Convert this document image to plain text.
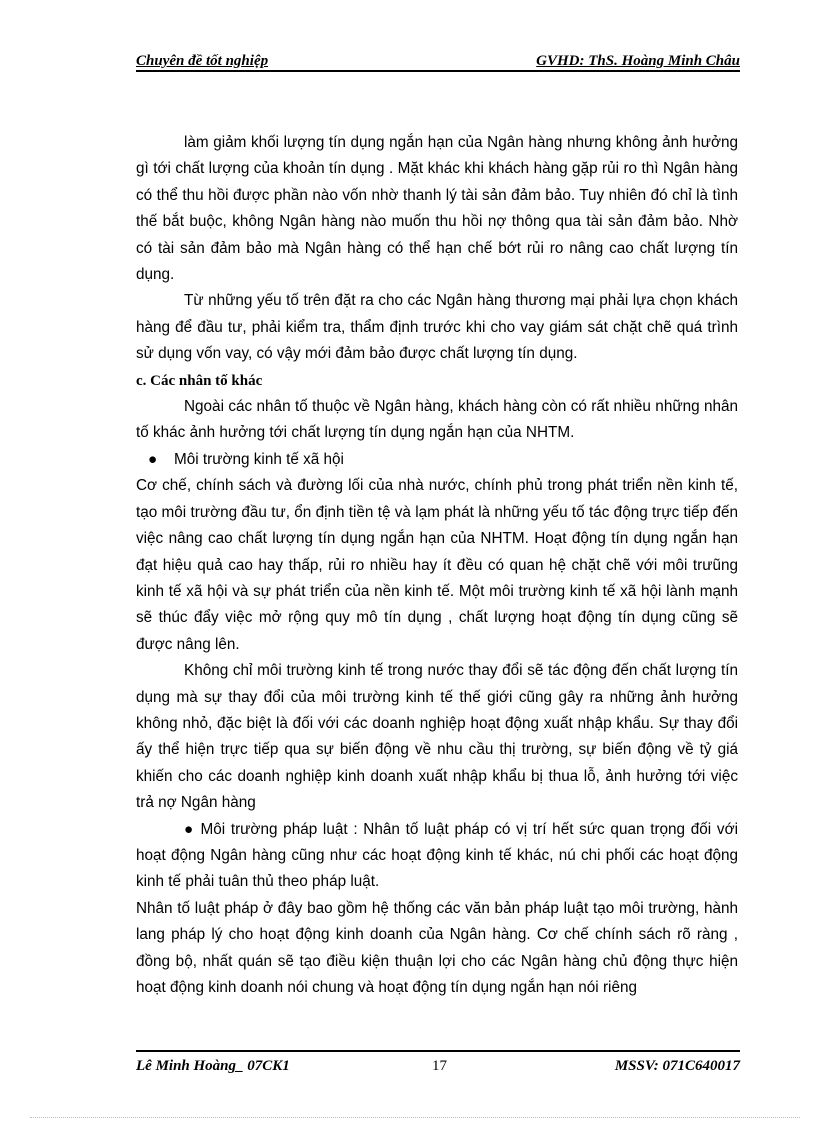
Chuyên đề tốt nghiệp	GVHD: ThS. Hoàng Minh Châu

làm giảm khối lượng tín dụng ngắn hạn của Ngân hàng nhưng không ảnh hưởng gì tới chất lượng của khoản tín dụng . Mặt khác khi khách hàng gặp rủi ro thì Ngân hàng có thể thu hồi được phần nào vốn nhờ thanh lý tài sản đảm bảo. Tuy nhiên đó chỉ là tình thế bắt buộc, không Ngân hàng nào muốn thu hồi nợ thông qua tài sản đảm bảo. Nhờ có tài sản đảm bảo mà Ngân hàng có thể hạn chế bớt rủi ro nâng cao chất lượng tín dụng.

Từ những yếu tố trên đặt ra cho các Ngân hàng thương mại phải lựa chọn khách hàng để đầu tư, phải kiểm tra, thẩm định trước khi cho vay giám sát chặt chẽ quá trình sử dụng vốn vay, có vậy mới đảm bảo được chất lượng tín dụng.

c. Các nhân tố khác

Ngoài các nhân tố thuộc về Ngân hàng, khách hàng còn có rất nhiều những nhân tố khác ảnh hưởng tới chất lượng tín dụng ngắn hạn của NHTM.

● Môi trường kinh tế xã hội

Cơ chế, chính sách và đường lối của nhà nước, chính phủ trong phát triển nền kinh tế, tạo môi trường đầu tư, ổn định tiền tệ và lạm phát là những yếu tố tác động trực tiếp đến việc nâng cao chất lượng tín dụng ngắn hạn của NHTM. Hoạt động tín dụng ngắn hạn đạt hiệu quả cao hay thấp, rủi ro nhiều hay ít đều có quan hệ chặt chẽ với môi trưũng kinh tế xã hội và sự phát triển của nền kinh tế. Một môi trường kinh tế xã hội lành mạnh sẽ thúc đẩy việc mở rộng quy mô tín dụng , chất lượng hoạt động tín dụng cũng sẽ được nâng lên.

Không chỉ môi trường kinh tế trong nước thay đổi sẽ tác động đến chất lượng tín dụng mà sự thay đổi của môi trường kinh tế thế giới cũng gây ra những ảnh hưởng không nhỏ, đặc biệt là đối với các doanh nghiệp hoạt động xuất nhập khẩu. Sự thay đổi ấy thể hiện trực tiếp qua sự biến động về nhu cầu thị trường, sự biến động về tỷ giá khiến cho các doanh nghiệp kinh doanh xuất nhập khẩu bị thua lỗ, ảnh hưởng tới việc trả nợ Ngân hàng

● Môi trường pháp luật : Nhân tố luật pháp có vị trí hết sức quan trọng đối với hoạt động Ngân hàng cũng như các hoạt động kinh tế khác, nú chi phối các hoạt động kinh tế phải tuân thủ theo pháp luật.

Nhân tố luật pháp ở đây bao gồm hệ thống các văn bản pháp luật tạo môi trường, hành lang pháp lý cho hoạt động kinh doanh của Ngân hàng. Cơ chế chính sách rõ ràng , đồng bộ, nhất quán sẽ tạo điều kiện thuận lợi cho các Ngân hàng chủ động thực hiện hoạt động kinh doanh nói chung và hoạt động tín dụng ngắn hạn nói riêng

Lê Minh Hoàng_ 07CK1	17	MSSV: 071C640017
